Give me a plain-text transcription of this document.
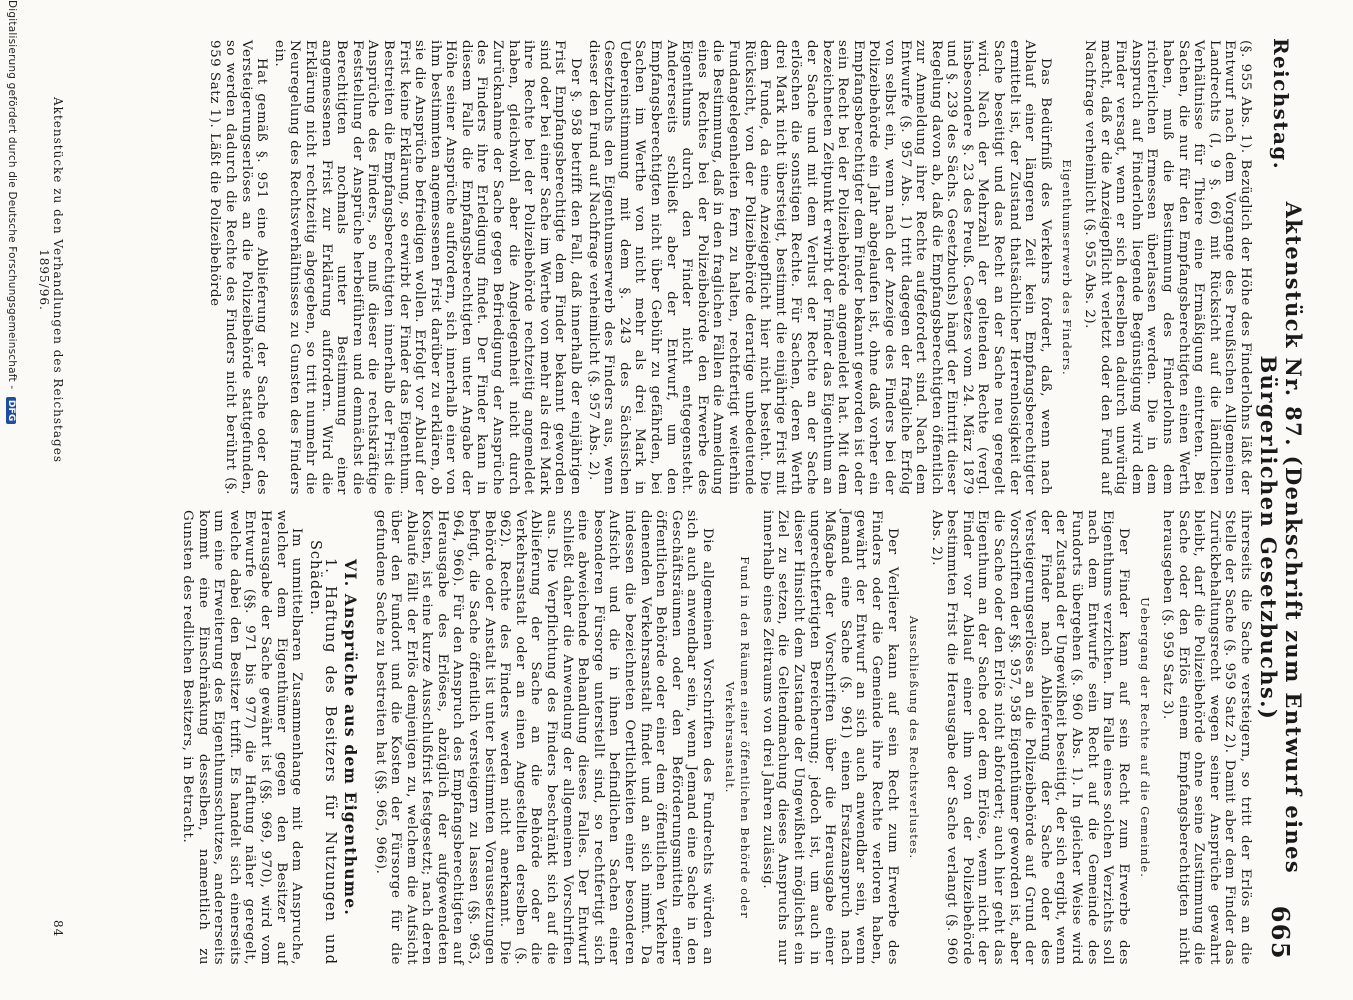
Reichstag.
Aktenstück Nr. 87. (Denkschrift zum Entwurf eines Bürgerlichen Gesetzbuchs.)
665

(§. 955 Abs. 1). Bezüglich der Höhe des Finderlohns läßt der Entwurf nach dem Vorgange des Preußischen Allgemeinen Landrechts (I, 9 §. 66) mit Rücksicht auf die ländlichen Verhältnisse für Thiere eine Ermäßigung eintreten. Bei Sachen, die nur für den Empfangsberechtigten einen Werth haben, muß die Bestimmung des Finderlohns dem richterlichen Ermessen überlassen werden. Die in dem Anspruch auf Finderlohn liegende Begünstigung wird dem Finder versagt, wenn er sich derselben dadurch unwürdig macht, daß er die Anzeigepflicht verletzt oder den Fund auf Nachfrage verheimlicht (§. 955 Abs. 2).

Eigenthumserwerb des Finders.

Das Bedürfniß des Verkehrs fordert, daß, wenn nach Ablauf einer längeren Zeit kein Empfangsberechtigter ermittelt ist, der Zustand thatsächlicher Herrenlosigkeit der Sache beseitigt und das Recht an der Sache neu geregelt wird. Nach der Mehrzahl der geltenden Rechte (vergl. insbesondere §. 23 des Preuß. Gesetzes vom 24. März 1879 und §. 239 des Sächs. Gesetzbuchs) hängt der Eintritt dieser Regelung davon ab, daß die Empfangsberechtigten öffentlich zur Anmeldung ihrer Rechte aufgefordert sind. Nach dem Entwurfe (§. 957 Abs. 1) tritt dagegen der fragliche Erfolg von selbst ein, wenn nach der Anzeige des Finders bei der Polizeibehörde ein Jahr abgelaufen ist, ohne daß vorher ein Empfangsberechtigter dem Finder bekannt geworden ist oder sein Recht bei der Polizeibehörde angemeldet hat. Mit dem bezeichneten Zeitpunkt erwirbt der Finder das Eigenthum an der Sache und mit dem Verlust der Rechte an der Sache erlöschen die sonstigen Rechte. Für Sachen, deren Werth drei Mark nicht übersteigt, bestimmt die einjährige Frist mit dem Funde, da eine Anzeigepflicht hier nicht besteht. Die Rücksicht, von der Polizeibehörde derartige unbedeutende Fundangelegenheiten fern zu halten, rechtfertigt weiterhin die Bestimmung, daß in den fraglichen Fällen die Anmeldung eines Rechtes bei der Polizeibehörde den Erwerbe des Eigenthums durch den Finder nicht entgegensteht. Andererseits schließt aber der Entwurf, um den Empfangsberechtigten nicht über Gebühr zu gefährden, bei Sachen im Werthe von nicht mehr als drei Mark in Uebereinstimmung mit dem §. 243 des Sächsischen Gesetzbuchs den Eigenthumserwerb des Finders aus, wenn dieser den Fund auf Nachfrage verheimlicht (§. 957 Abs. 2).

Der §. 958 betrifft den Fall, daß innerhalb der einjährigen Frist Empfangsberechtigte dem Finder bekannt geworden sind oder bei einer Sache im Werthe von mehr als drei Mark ihre Rechte bei der Polizeibehörde rechtzeitig angemeldet haben, gleichwohl aber die Angelegenheit nicht durch Zurücknahme der Sache gegen Befriedigung der Ansprüche des Finders ihre Erledigung findet. Der Finder kann in diesem Falle die Empfangsberechtigten unter Angabe der Höhe seiner Ansprüche auffordern, sich innerhalb einer von ihm bestimmten angemessenen Frist darüber zu erklären, ob sie die Ansprüche befriedigen wollen. Erfolgt vor Ablauf der Frist keine Erklärung, so erwirbt der Finder das Eigenthum. Bestreiten die Empfangsberechtigten innerhalb der Frist die Ansprüche des Finders, so muß dieser die rechtskräftige Feststellung der Ansprüche herbeiführen und demnächst die Berechtigten nochmals unter Bestimmung einer angemessenen Frist zur Erklärung auffordern. Wird die Erklärung nicht rechtzeitig abgegeben, so tritt nunmehr die Neuregelung des Rechtsverhältnisses zu Gunsten des Finders ein.

Hat gemäß §. 951 eine Ablieferung der Sache oder des Versteigerungserlöses an die Polizeibehörde stattgefunden, so werden dadurch die Rechte des Finders nicht berührt (§. 959 Satz 1). Läßt die Polizeibehörde

ihrerseits die Sache versteigern, so tritt der Erlös an die Stelle der Sache (§. 959 Satz 2). Damit aber dem Finder das Zurückbehaltungsrecht wegen seiner Ansprüche gewahrt bleibt, darf die Polizeibehörde ohne seine Zustimmung die Sache oder den Erlös einem Empfangsberechtigten nicht herausgeben (§. 959 Satz 3).

Uebergang der Rechte auf die Gemeinde.

Der Finder kann auf sein Recht zum Erwerbe des Eigenthums verzichten. Im Falle eines solchen Verzichts soll nach dem Entwurfe sein Recht auf die Gemeinde des Fundorts übergehen (§. 960 Abs. 1). In gleicher Weise wird der Zustand der Ungewißheit beseitigt, der sich ergibt, wenn der Finder nach Ablieferung der Sache oder des Versteigerungserlöses an die Polizeibehörde auf Grund der Vorschriften der §§. 957, 958 Eigenthümer geworden ist, aber die Sache oder den Erlös nicht abfordert; auch hier geht das Eigenthum an der Sache oder dem Erlöse, wenn nicht der Finder vor Ablauf einer ihm von der Polizeibehörde bestimmten Frist die Herausgabe der Sache verlangt (§. 960 Abs. 2).

Ausschließung des Rechtsverlustes.

Der Verlierer kann auf sein Recht zum Erwerbe des Finders oder die Gemeinde ihre Rechte verloren haben, gewährt der Entwurf an sich auch anwendbar sein, wenn Jemand eine Sache (§. 961) einen Ersatzanspruch nach Maßgabe der Vorschriften über die Herausgabe einer ungerechtfertigten Bereicherung; jedoch ist, um auch in dieser Hinsicht dem Zustande der Ungewißheit möglichst ein Ziel zu setzen, die Geltendmachung dieses Anspruchs nur innerhalb eines Zeitraums von drei Jahren zulässig.

Fund in den Räumen einer öffentlichen Behörde oder Verkehrsanstalt.

Die allgemeinen Vorschriften des Fundrechts würden an sich auch anwendbar sein, wenn Jemand eine Sache in den Geschäftsräumen oder den Beförderungsmitteln einer öffentlichen Behörde oder einer dem öffentlichen Verkehre dienenden Verkehrsanstalt findet und an sich nimmt. Da indessen die bezeichneten Oertlichkeiten einer besonderen Aufsicht und die in ihnen befindlichen Sachen einer besonderen Fürsorge unterstellt sind, so rechtfertigt sich eine abweichende Behandlung dieses Falles. Der Entwurf schließt daher die Anwendung der allgemeinen Vorschriften aus. Die Verpflichtung des Finders beschränkt sich auf die Ablieferung der Sache an die Behörde oder die Verkehrsanstalt oder an einen Angestellten derselben (§. 962). Rechte des Finders werden nicht anerkannt. Die Behörde oder Anstalt ist unter bestimmten Voraussetzungen befugt, die Sache öffentlich versteigern zu lassen (§§. 963, 964, 966). Für den Anspruch des Empfangsberechtigten auf Herausgabe des Erlöses, abzüglich der aufgewendeten Kosten, ist eine kurze Ausschlußfrist festgesetzt; nach deren Ablaufe fällt der Erlös demjenigen zu, welchem die Aufsicht über den Fundort und die Kosten der Fürsorge für die gefundene Sache zu bestreiten hat (§§. 965, 966).

VI. Ansprüche aus dem Eigenthume.

1. Haftung des Besitzers für Nutzungen und Schäden.

Im unmittelbaren Zusammenhange mit dem Anspruche, welcher dem Eigenthümer gegen den Besitzer auf Herausgabe der Sache gewährt ist (§§. 969, 970), wird vom Entwurfe (§§. 971 bis 977) die Haftung näher geregelt, welche dabei den Besitzer trifft. Es handelt sich einerseits um eine Erweiterung des Eigenthumsschutzes, andererseits kommt eine Einschränkung desselben, namentlich zu Gunsten des redlichen Besitzers, in Betracht.

Aktenstücke zu den Verhandlungen des Reichstages 1895/96.
84
Digitalisierung gefördert durch die Deutsche Forschungsgemeinschaft - DFG
